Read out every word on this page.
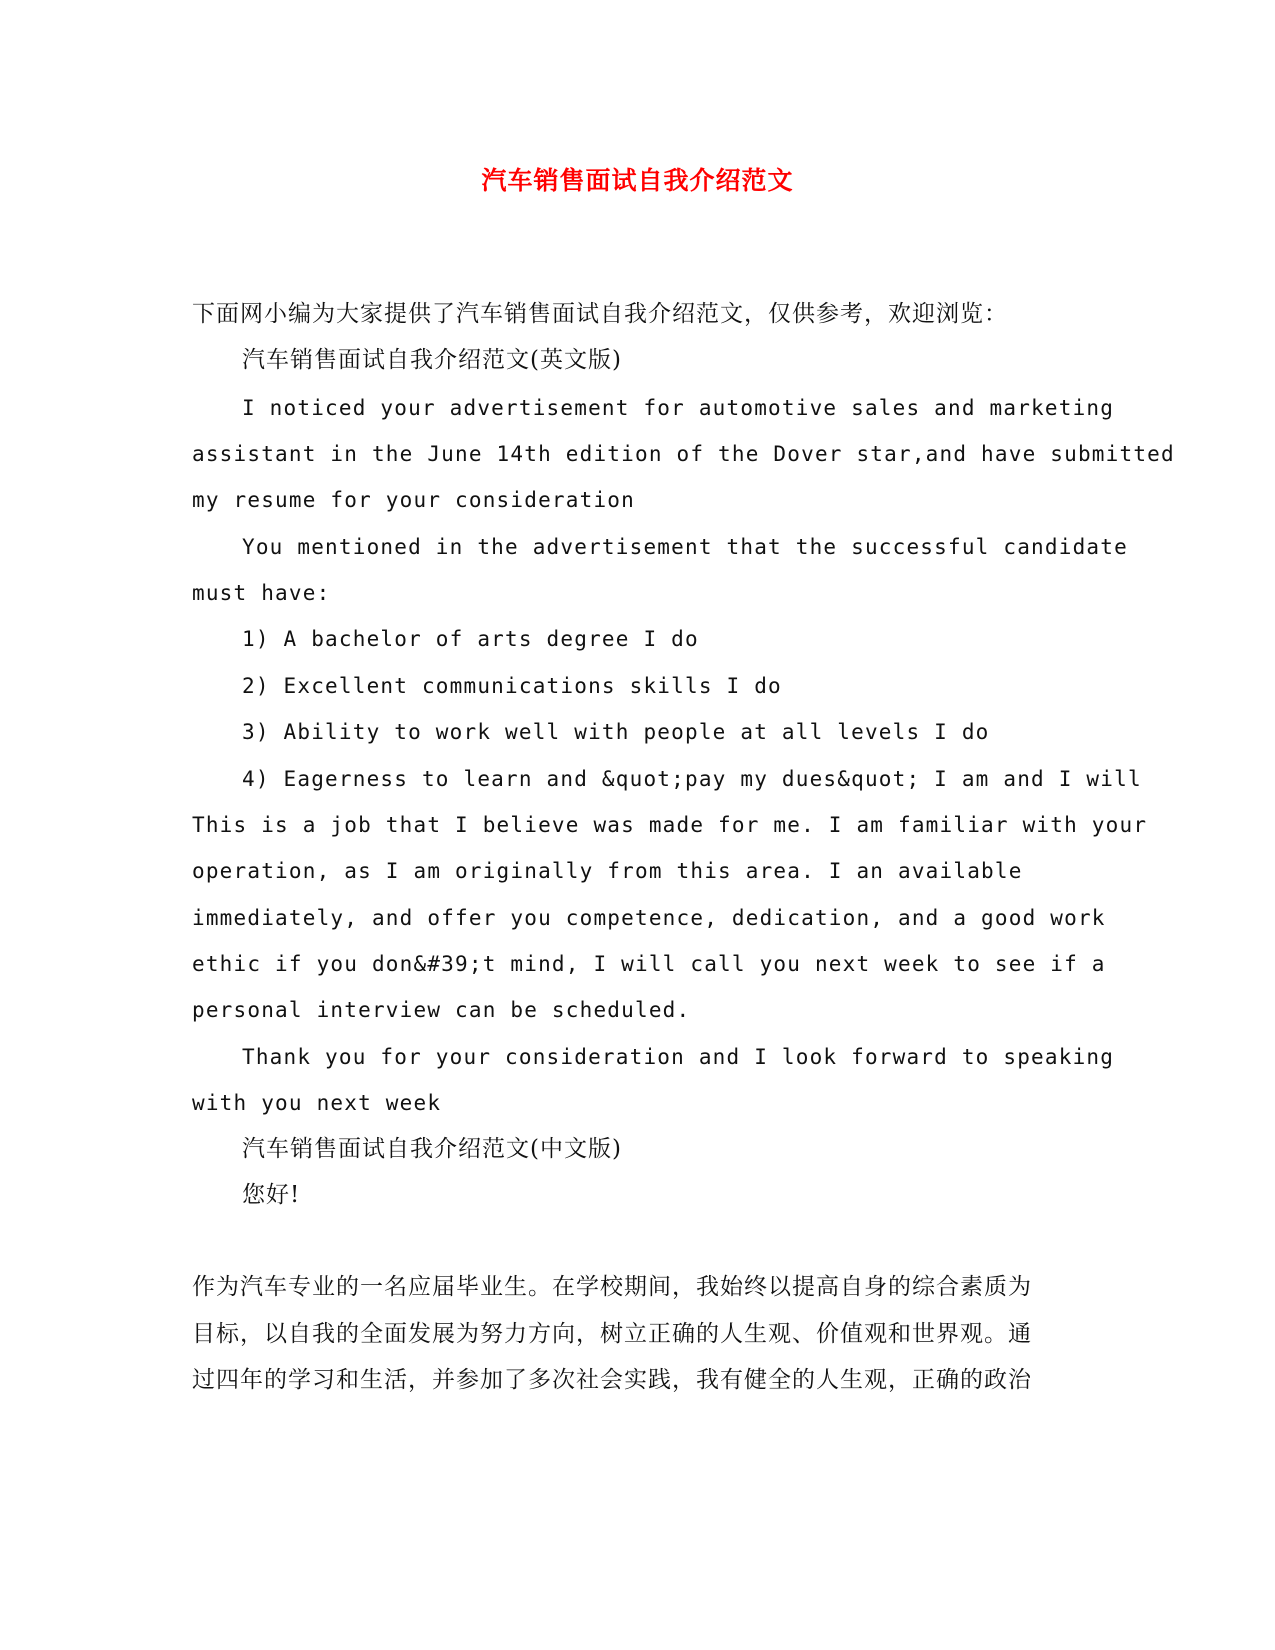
汽车销售面试自我介绍范文
下面网小编为大家提供了汽车销售面试自我介绍范文，仅供参考，欢迎浏览：
汽车销售面试自我介绍范文(英文版)
I noticed your advertisement for automotive sales and marketing
assistant in the June 14th edition of the Dover star,and have submitted
my resume for your consideration
You mentioned in the advertisement that the successful candidate
must have:
1) A bachelor of arts degree I do
2) Excellent communications skills I do
3) Ability to work well with people at all levels I do
4) Eagerness to learn and &quot;pay my dues&quot; I am and I will
This is a job that I believe was made for me. I am familiar with your
operation, as I am originally from this area. I an available
immediately, and offer you competence, dedication, and a good work
ethic if you don&#39;t mind, I will call you next week to see if a
personal interview can be scheduled.
Thank you for your consideration and I look forward to speaking
with you next week
汽车销售面试自我介绍范文(中文版)
您好!
作为汽车专业的一名应届毕业生。在学校期间，我始终以提高自身的综合素质为
目标，以自我的全面发展为努力方向，树立正确的人生观、价值观和世界观。通
过四年的学习和生活，并参加了多次社会实践，我有健全的人生观，正确的政治
